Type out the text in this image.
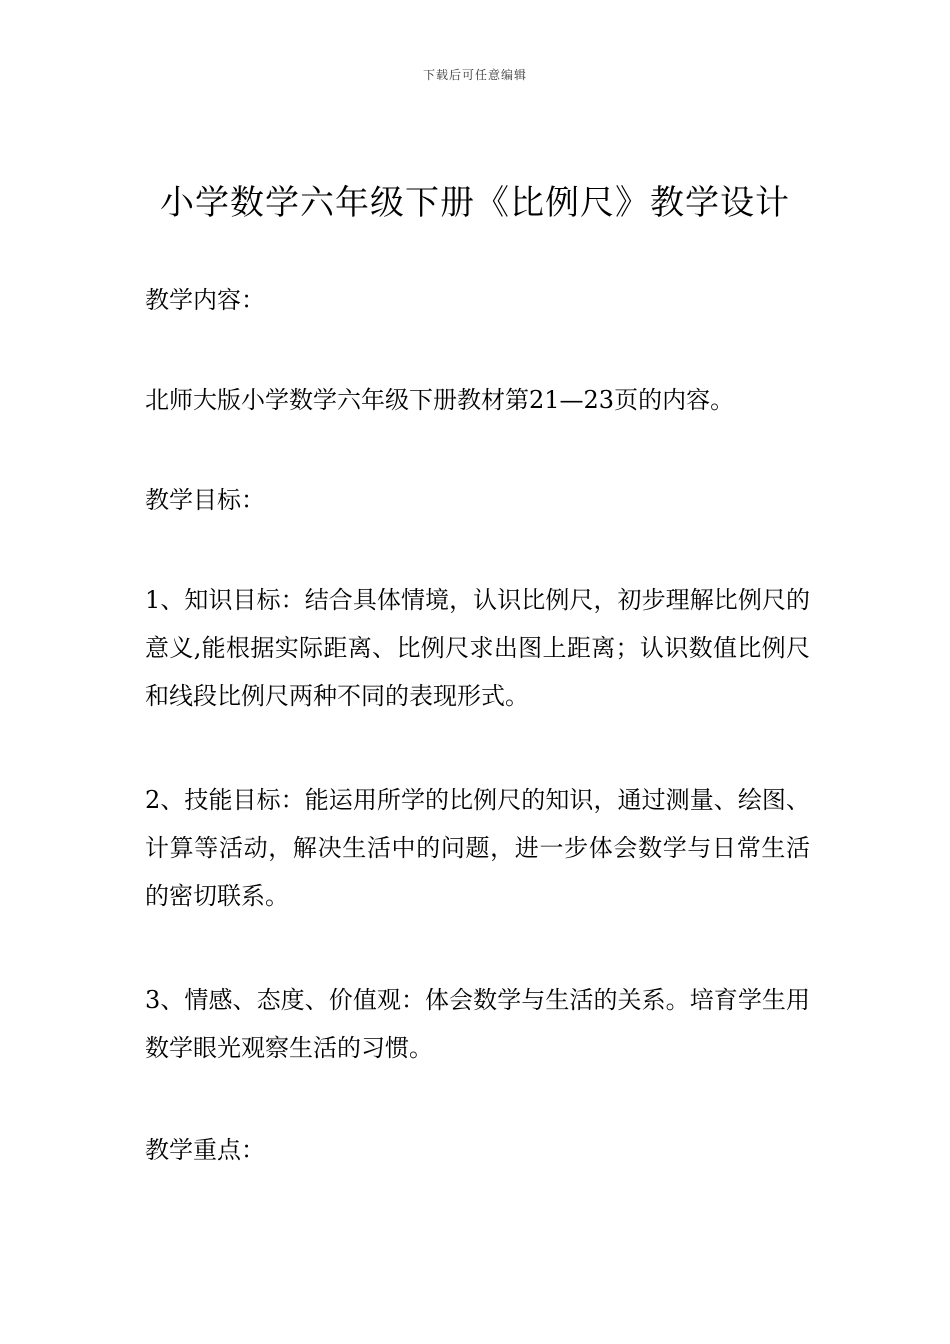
下载后可任意编辑
小学数学六年级下册《比例尺》教学设计

教学内容：

北师大版小学数学六年级下册教材第21—23页的内容。

教学目标：

1、知识目标：结合具体情境，认识比例尺，初步理解比例尺的意义,能根据实际距离、比例尺求出图上距离；认识数值比例尺和线段比例尺两种不同的表现形式。

2、技能目标：能运用所学的比例尺的知识，通过测量、绘图、计算等活动，解决生活中的问题，进一步体会数学与日常生活的密切联系。

3、情感、态度、价值观：体会数学与生活的关系。培育学生用数学眼光观察生活的习惯。

教学重点：
